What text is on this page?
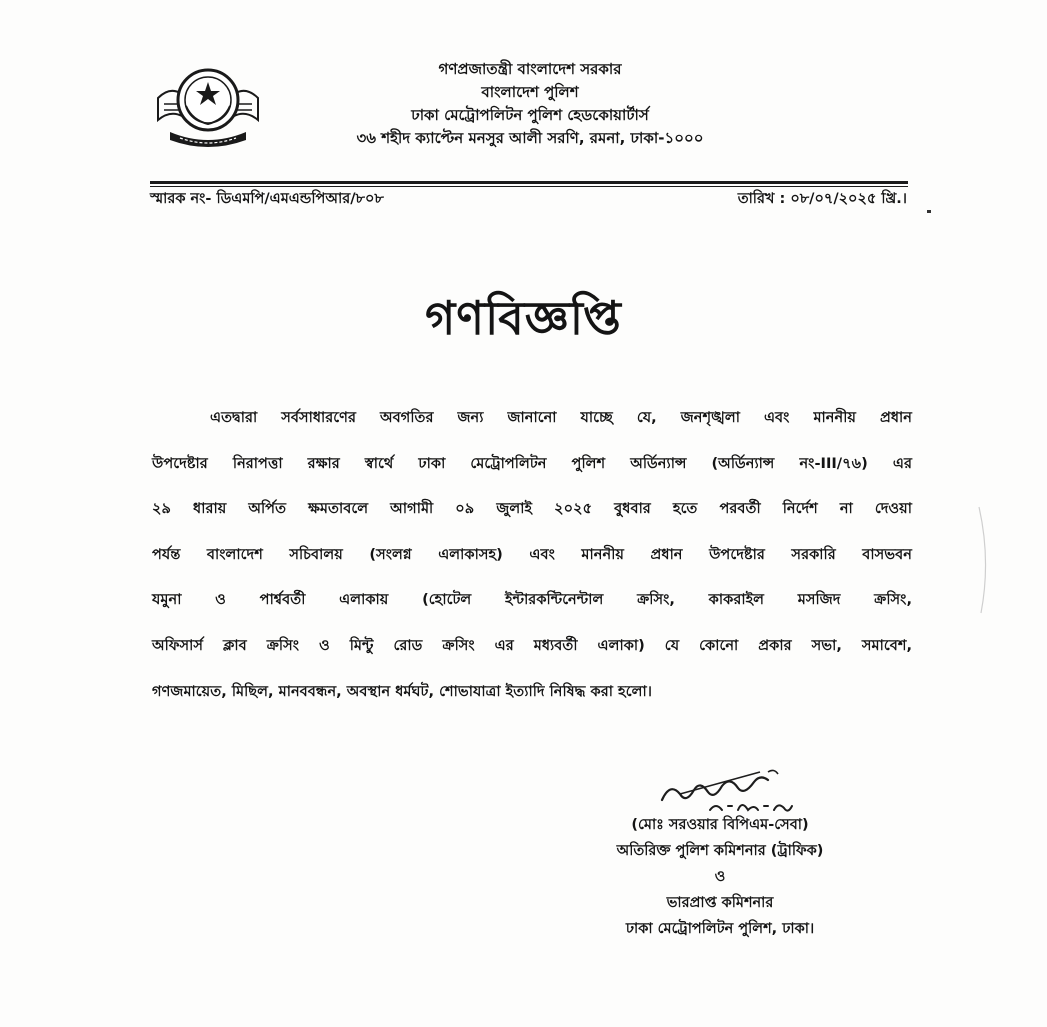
গণপ্রজাতন্ত্রী বাংলাদেশ সরকার
বাংলাদেশ পুলিশ
ঢাকা মেট্রোপলিটন পুলিশ হেডকোয়ার্টার্স
৩৬ শহীদ ক্যাপ্টেন মনসুর আলী সরণি, রমনা, ঢাকা-১০০০
স্মারক নং- ডিএমপি/এমএন্ডপিআর/৮০৮	তারিখ : ০৮/০৭/২০২৫ খ্রি.।
গণবিজ্ঞপ্তি
এতদ্বারা সর্বসাধারণের অবগতির জন্য জানানো যাচ্ছে যে, জনশৃঙ্খলা এবং মাননীয় প্রধান
উপদেষ্টার নিরাপত্তা রক্ষার স্বার্থে ঢাকা মেট্রোপলিটন পুলিশ অর্ডিন্যান্স (অর্ডিন্যান্স নং-III/৭৬) এর
২৯ ধারায় অর্পিত ক্ষমতাবলে আগামী ০৯ জুলাই ২০২৫ বুধবার হতে পরবর্তী নির্দেশ না দেওয়া
পর্যন্ত বাংলাদেশ সচিবালয় (সংলগ্ন এলাকাসহ) এবং মাননীয় প্রধান উপদেষ্টার সরকারি বাসভবন
যমুনা ও পার্শ্ববর্তী এলাকায় (হোটেল ইন্টারকন্টিনেন্টাল ক্রসিং, কাকরাইল মসজিদ ক্রসিং,
অফিসার্স ক্লাব ক্রসিং ও মিন্টু রোড ক্রসিং এর মধ্যবর্তী এলাকা) যে কোনো প্রকার সভা, সমাবেশ,
গণজমায়েত, মিছিল, মানববন্ধন, অবস্থান ধর্মঘট, শোভাযাত্রা ইত্যাদি নিষিদ্ধ করা হলো।
(মোঃ সরওয়ার বিপিএম-সেবা)
অতিরিক্ত পুলিশ কমিশনার (ট্রাফিক)
ও
ভারপ্রাপ্ত কমিশনার
ঢাকা মেট্রোপলিটন পুলিশ, ঢাকা।
